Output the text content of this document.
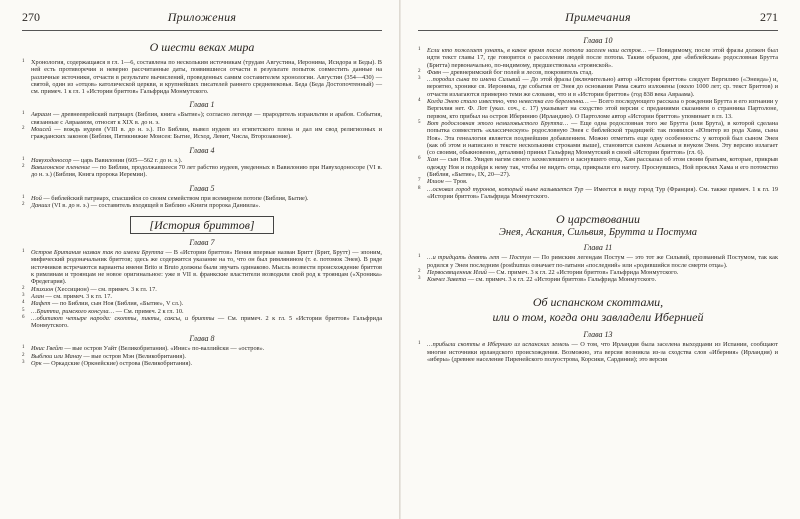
270	Приложения
О шести веках мира

1 Хронология, содержащаяся в гл. 1—6, составлена по нескольким источникам (трудам Августина, Иеронима, Исидора и Беды). В ней есть противоречия и неверно рассчитанные даты, появившиеся отчасти в результате попыток совместить данные на различные источники, отчасти в результате вычислений, проведенных самим составителем хронологии. Августин (354—430) — святой, один из «отцов» католической церкви, и крупнейших писателей раннего средневековья. Беда (Беда Достопочтенный) — см. примеч. 1 к гл. 1 «Истории бриттов» Гальфрида Монмутского.

Глава 1

1 Авраам — древнееврейский патриарх (Библия, книга «Бытие»); согласно легенде — прародитель израильтян и арабов. События, связанные с Авраамом, относят к XIX в. до н. э.

2 Моисей — вождь иудеев (VIII в. до н. э.). По Библии, вывел иудеев из египетского плена и дал им свод религиозных и гражданских законов (Библия, Пятикнижие Моисея: Бытие, Исход, Левит, Числа, Второзаконие).

Глава 4

1 Навуходоносор — царь Вавилонии (605—562 г. до н. э.).

2 Вавилонское пленение — по Библии, продолжавшееся 70 лет рабство иудеев, уведенных в Вавилонию при Навуходоносоре (VI в. до н. э.) (Библия, Книга пророка Иеремии).

Глава 5

1 Ной — библейский патриарх, спасшийся со своим семейством при всемирном потопе (Библия, Бытие).

2 Даниил (VI в. до н. э.) — составитель входящей в Библию «Книги пророка Даниила».

[История бриттов]
Глава 7

1 Остров Британия назван так по имени Брутта — В «Истории бриттов» Нения впервые назван Бритт (Брит, Брутт) — эпоним, мифический родоначальник бриттов; здесь же содержится указание на то, что он был римлянином (т. е. потомок Энея). В ряде источников встречаются варианты имени Brito и Bruto должны были звучать одинаково. Мысль возвести происхождение бриттов к римлянам и троянцам не новое оригинальное: уже в VII в. франкские властители возводили свой род к троянцам («Хроника» Фредегария).

2 Изихион (Хессицион) — см. примеч. 3 к гл. 17.

3 Алан — см. примеч. 3 к гл. 17.

4 Иафет — по Библии, сын Ноя (Библия, «Бытие», V сл.).

5 …Бритта, римского консула… — См. примеч. 2 к гл. 10.

6 …обитают четыре народа: скотты, пикты, саксы, и бритты — См. примеч. 2 к гл. 5 «Истории бриттов» Гальфрида Монмутского.

Глава 8

1 Инис Гвейт — вые остров Уайт (Великобритания). «Инис» по-валлийски — «остров».

2 Выбгюи или Манау — вые остров Мэн (Великобритания).

3 Орк — Оркадские (Оркнейские) острова (Великобритания).

Примечания	271
Глава 10

1 Если кто пожелает узнать, в какое время после потопа заселен наш остров… — Повидимому, после этой фразы должен был идти текст главы 17, где говорится о расселении людей после потопа. Таким образом, две «библейская» родословная Брутта (Бритта) первоначально, по-видимому, предшествовала «троянской».

2 Фавн — древнеримский бог полей и лесов, покровитель стад.

3 …породил сына по имени Сильвий — До этой фразы (включительно) автор «Истории бриттов» следует Вергилию («Энеида») и, вероятно, хронике св. Иеронима, где события от Энея до основания Рима сжато изложены (около 1000 лет; ср. текст Бриттов) и отчасти излагаются примерно теми же словами, что и в «Истории бриттов» (год 838 века Авраама).

4 Когда Энею стало известно, что невестка его беременна… — Всего последующего рассказа о рождении Брутта и его изгнании у Вергилия нет. Ф. Лот (указ. соч., с. 17) указывает на сходство этой версии с преданиями сказанием о странника Партолоне, первом, кто прибыл на остров Иберинию (Ирландию). О Партоломе автор «Истории бриттов» упоминает в гл. 13.

5 Вот родословная этого немаловыстого Брутта… — Еще одна родословная того же Брутта (или Брута), в которой сделана попытка совместить «классическую» родословную Энея с библейской традицией: так появился «Юпитер из рода Хама, сына Ноя». Эта генеалогия является позднейшим добавлением. Можно отметить еще одну особенность: у которой был сыном Энея (как об этом и написано в тексте несколькими строками выше), становится сыном Асканья и внуком Энея. Эту версию излагает (со своими, обыкновенно, деталями) принял Гальфрид Монмутский в своей «Истории бриттов» (гл. 6).

6 Хам — сын Ноя. Увидев нагим своего захмелевшего и заснувшего отца, Хам рассказал об этом своим братьям, которые, прикрыв одежду Ноя и подойдя к нему так, чтобы не видеть отца, прикрыли его наготу. Проснувшись, Ной проклял Хама и его потомство (Библия, «Бытие», IX, 20—27).

7 Илион — Троя.

8 …основал город туронов, который ныне называется Тур — Имеется в виду город Тур (Франция). См. также примеч. 1 к гл. 19 «Истории бриттов» Гальфрида Монмутского.

О царствовании
Энея, Аскания, Сильвия, Брутта и Постума
Глава 11

1 …и тридцать девять лет — Постум — По римским легендам Постум — это тот же Сильвий, прозванный Постумом, так как родился у Энея последним (posthumus означает по-латыни «последний» или «родившийся после смерти отца»).

2 Первосвященник Илий — См. примеч. 3 к гл. 22 «Истории бриттов» Гальфрида Монмутского.

3 Ковчег Завета — см. примеч. 3 к гл. 22 «Истории бриттов» Гальфрида Монмутского.

Об испанском скоттами,
или о том, когда они завладели Ибернией
Глава 13

1 …прибыли скотты в Ибернию из испанских земель — О том, что Ирландия была заселена выходцами из Испании, сообщают многие источники ирландского происхождения. Возможно, эта версия возникла из-за сходства слов «Иберния» (Ирландия) и «иберы» (древнее население Пиренейского полуострова, Корсики, Сардинии); это версия
